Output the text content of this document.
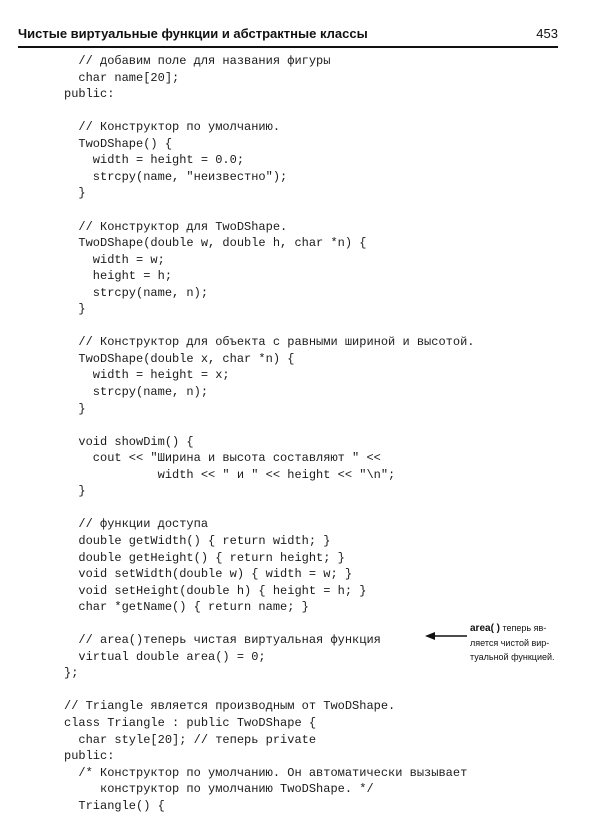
Чистые виртуальные функции и абстрактные классы	453
// добавим поле для названия фигуры
char name[20];
public:
// Конструктор по умолчанию.
TwoDShape() {
width = height = 0.0;
strcpy(name, "неизвестно");
}
// Конструктор для TwoDShape.
TwoDShape(double w, double h, char *n) {
width = w;
height = h;
strcpy(name, n);
}
// Конструктор для объекта с равными шириной и высотой.
TwoDShape(double x, char *n) {
width = height = x;
strcpy(name, n);
}
void showDim() {
cout << "Ширина и высота составляют " <<
width << " и " << height << "\n";
}
// функции доступа
double getWidth() { return width; }
double getHeight() { return height; }
void setWidth(double w) { width = w; }
void setHeight(double h) { height = h; }
char *getName() { return name; }
// area()теперь чистая виртуальная функция
virtual double area() = 0;
};
// Triangle является производным от TwoDShape.
class Triangle : public TwoDShape {
char style[20]; // теперь private
public:
/* Конструктор по умолчанию. Он автоматически вызывает
конструктор по умолчанию TwoDShape. */
Triangle() {
area( ) теперь яв-
ляется чистой вир-
туальной функцией.
